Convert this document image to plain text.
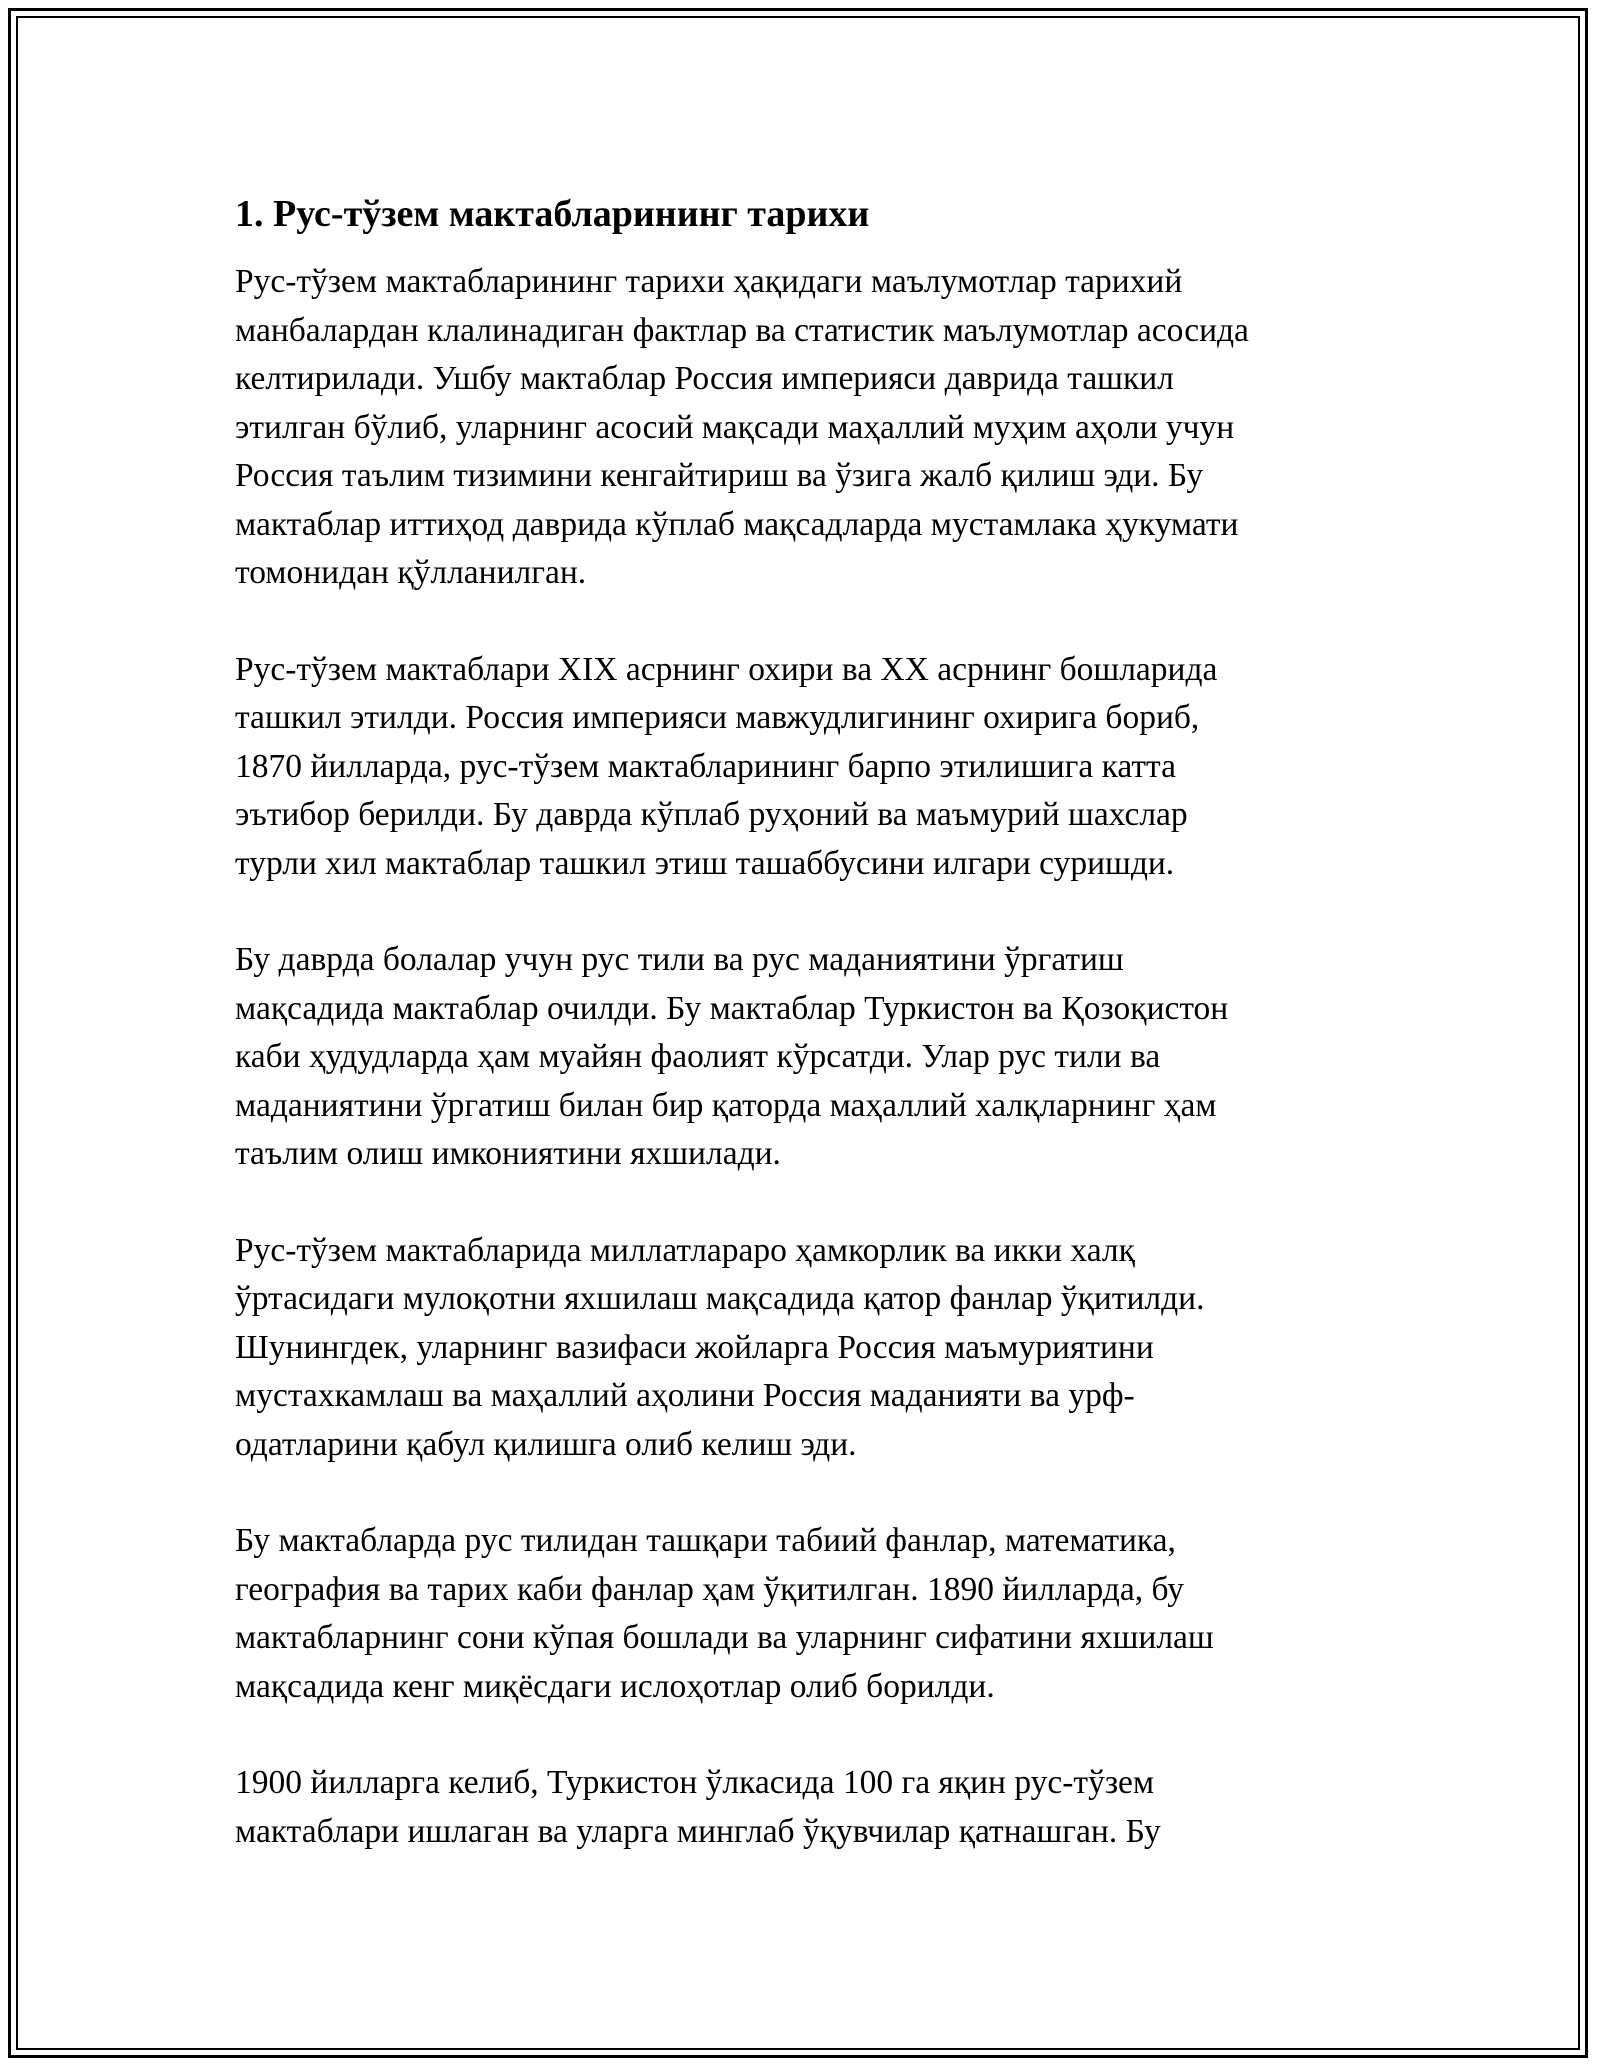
1. Рус-тўзем мактабларининг тарихи
Рус-тўзем мактабларининг тарихи ҳақидаги маълумотлар тарихий
манбалардан клалинадиган фактлар ва статистик маълумотлар асосида
келтирилади. Ушбу мактаблар Россия империяси даврида ташкил
этилган бўлиб, уларнинг асосий мақсади маҳаллий муҳим аҳоли учун
Россия таълим тизимини кенгайтириш ва ўзига жалб қилиш эди. Бу
мактаблар иттиҳод даврида кўплаб мақсадларда мустамлака ҳукумати
томонидан қўлланилган.
Рус-тўзем мактаблари XIX асрнинг охири ва XX асрнинг бошларида
ташкил этилди. Россия империяси мавжудлигининг охирига бориб,
1870 йилларда, рус-тўзем мактабларининг барпо этилишига катта
эътибор берилди. Бу даврда кўплаб руҳоний ва маъмурий шахслар
турли хил мактаблар ташкил этиш ташаббусини илгари суришди.
Бу даврда болалар учун рус тили ва рус маданиятини ўргатиш
мақсадида мактаблар очилди. Бу мактаблар Туркистон ва Қозоқистон
каби ҳудудларда ҳам муайян фаолият кўрсатди. Улар рус тили ва
маданиятини ўргатиш билан бир қаторда маҳаллий халқларнинг ҳам
таълим олиш имкониятини яхшилади.
Рус-тўзем мактабларида миллатлараро ҳамкорлик ва икки халқ
ўртасидаги мулоқотни яхшилаш мақсадида қатор фанлар ўқитилди.
Шунингдек, уларнинг вазифаси жойларга Россия маъмуриятини
мустахкамлаш ва маҳаллий аҳолини Россия маданияти ва урф-
одатларини қабул қилишга олиб келиш эди.
Бу мактабларда рус тилидан ташқари табиий фанлар, математика,
география ва тарих каби фанлар ҳам ўқитилган. 1890 йилларда, бу
мактабларнинг сони кўпая бошлади ва уларнинг сифатини яхшилаш
мақсадида кенг миқёсдаги ислоҳотлар олиб борилди.
1900 йилларга келиб, Туркистон ўлкасида 100 га яқин рус-тўзем
мактаблари ишлаган ва уларга минглаб ўқувчилар қатнашган. Бу
